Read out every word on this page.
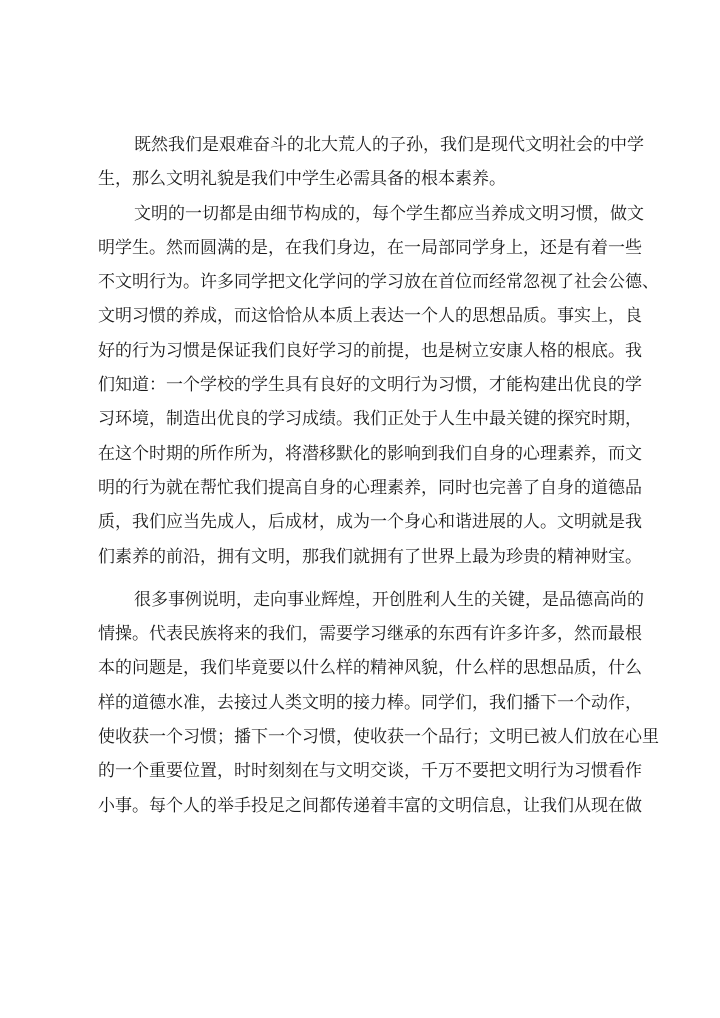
既然我们是艰难奋斗的北大荒人的子孙，我们是现代文明社会的中学
生，那么文明礼貌是我们中学生必需具备的根本素养。
文明的一切都是由细节构成的，每个学生都应当养成文明习惯，做文
明学生。然而圆满的是，在我们身边，在一局部同学身上，还是有着一些
不文明行为。许多同学把文化学问的学习放在首位而经常忽视了社会公德、
文明习惯的养成，而这恰恰从本质上表达一个人的思想品质。事实上，良
好的行为习惯是保证我们良好学习的前提，也是树立安康人格的根底。我
们知道：一个学校的学生具有良好的文明行为习惯，才能构建出优良的学
习环境，制造出优良的学习成绩。我们正处于人生中最关键的探究时期，
在这个时期的所作所为，将潜移默化的影响到我们自身的心理素养，而文
明的行为就在帮忙我们提高自身的心理素养，同时也完善了自身的道德品
质，我们应当先成人，后成材，成为一个身心和谐进展的人。文明就是我
们素养的前沿，拥有文明，那我们就拥有了世界上最为珍贵的精神财宝。
很多事例说明，走向事业辉煌，开创胜利人生的关键，是品德高尚的
情操。代表民族将来的我们，需要学习继承的东西有许多许多，然而最根
本的问题是，我们毕竟要以什么样的精神风貌，什么样的思想品质，什么
样的道德水准，去接过人类文明的接力棒。同学们，我们播下一个动作，
使收获一个习惯；播下一个习惯，使收获一个品行；文明已被人们放在心里
的一个重要位置，时时刻刻在与文明交谈，千万不要把文明行为习惯看作
小事。每个人的举手投足之间都传递着丰富的文明信息，让我们从现在做
